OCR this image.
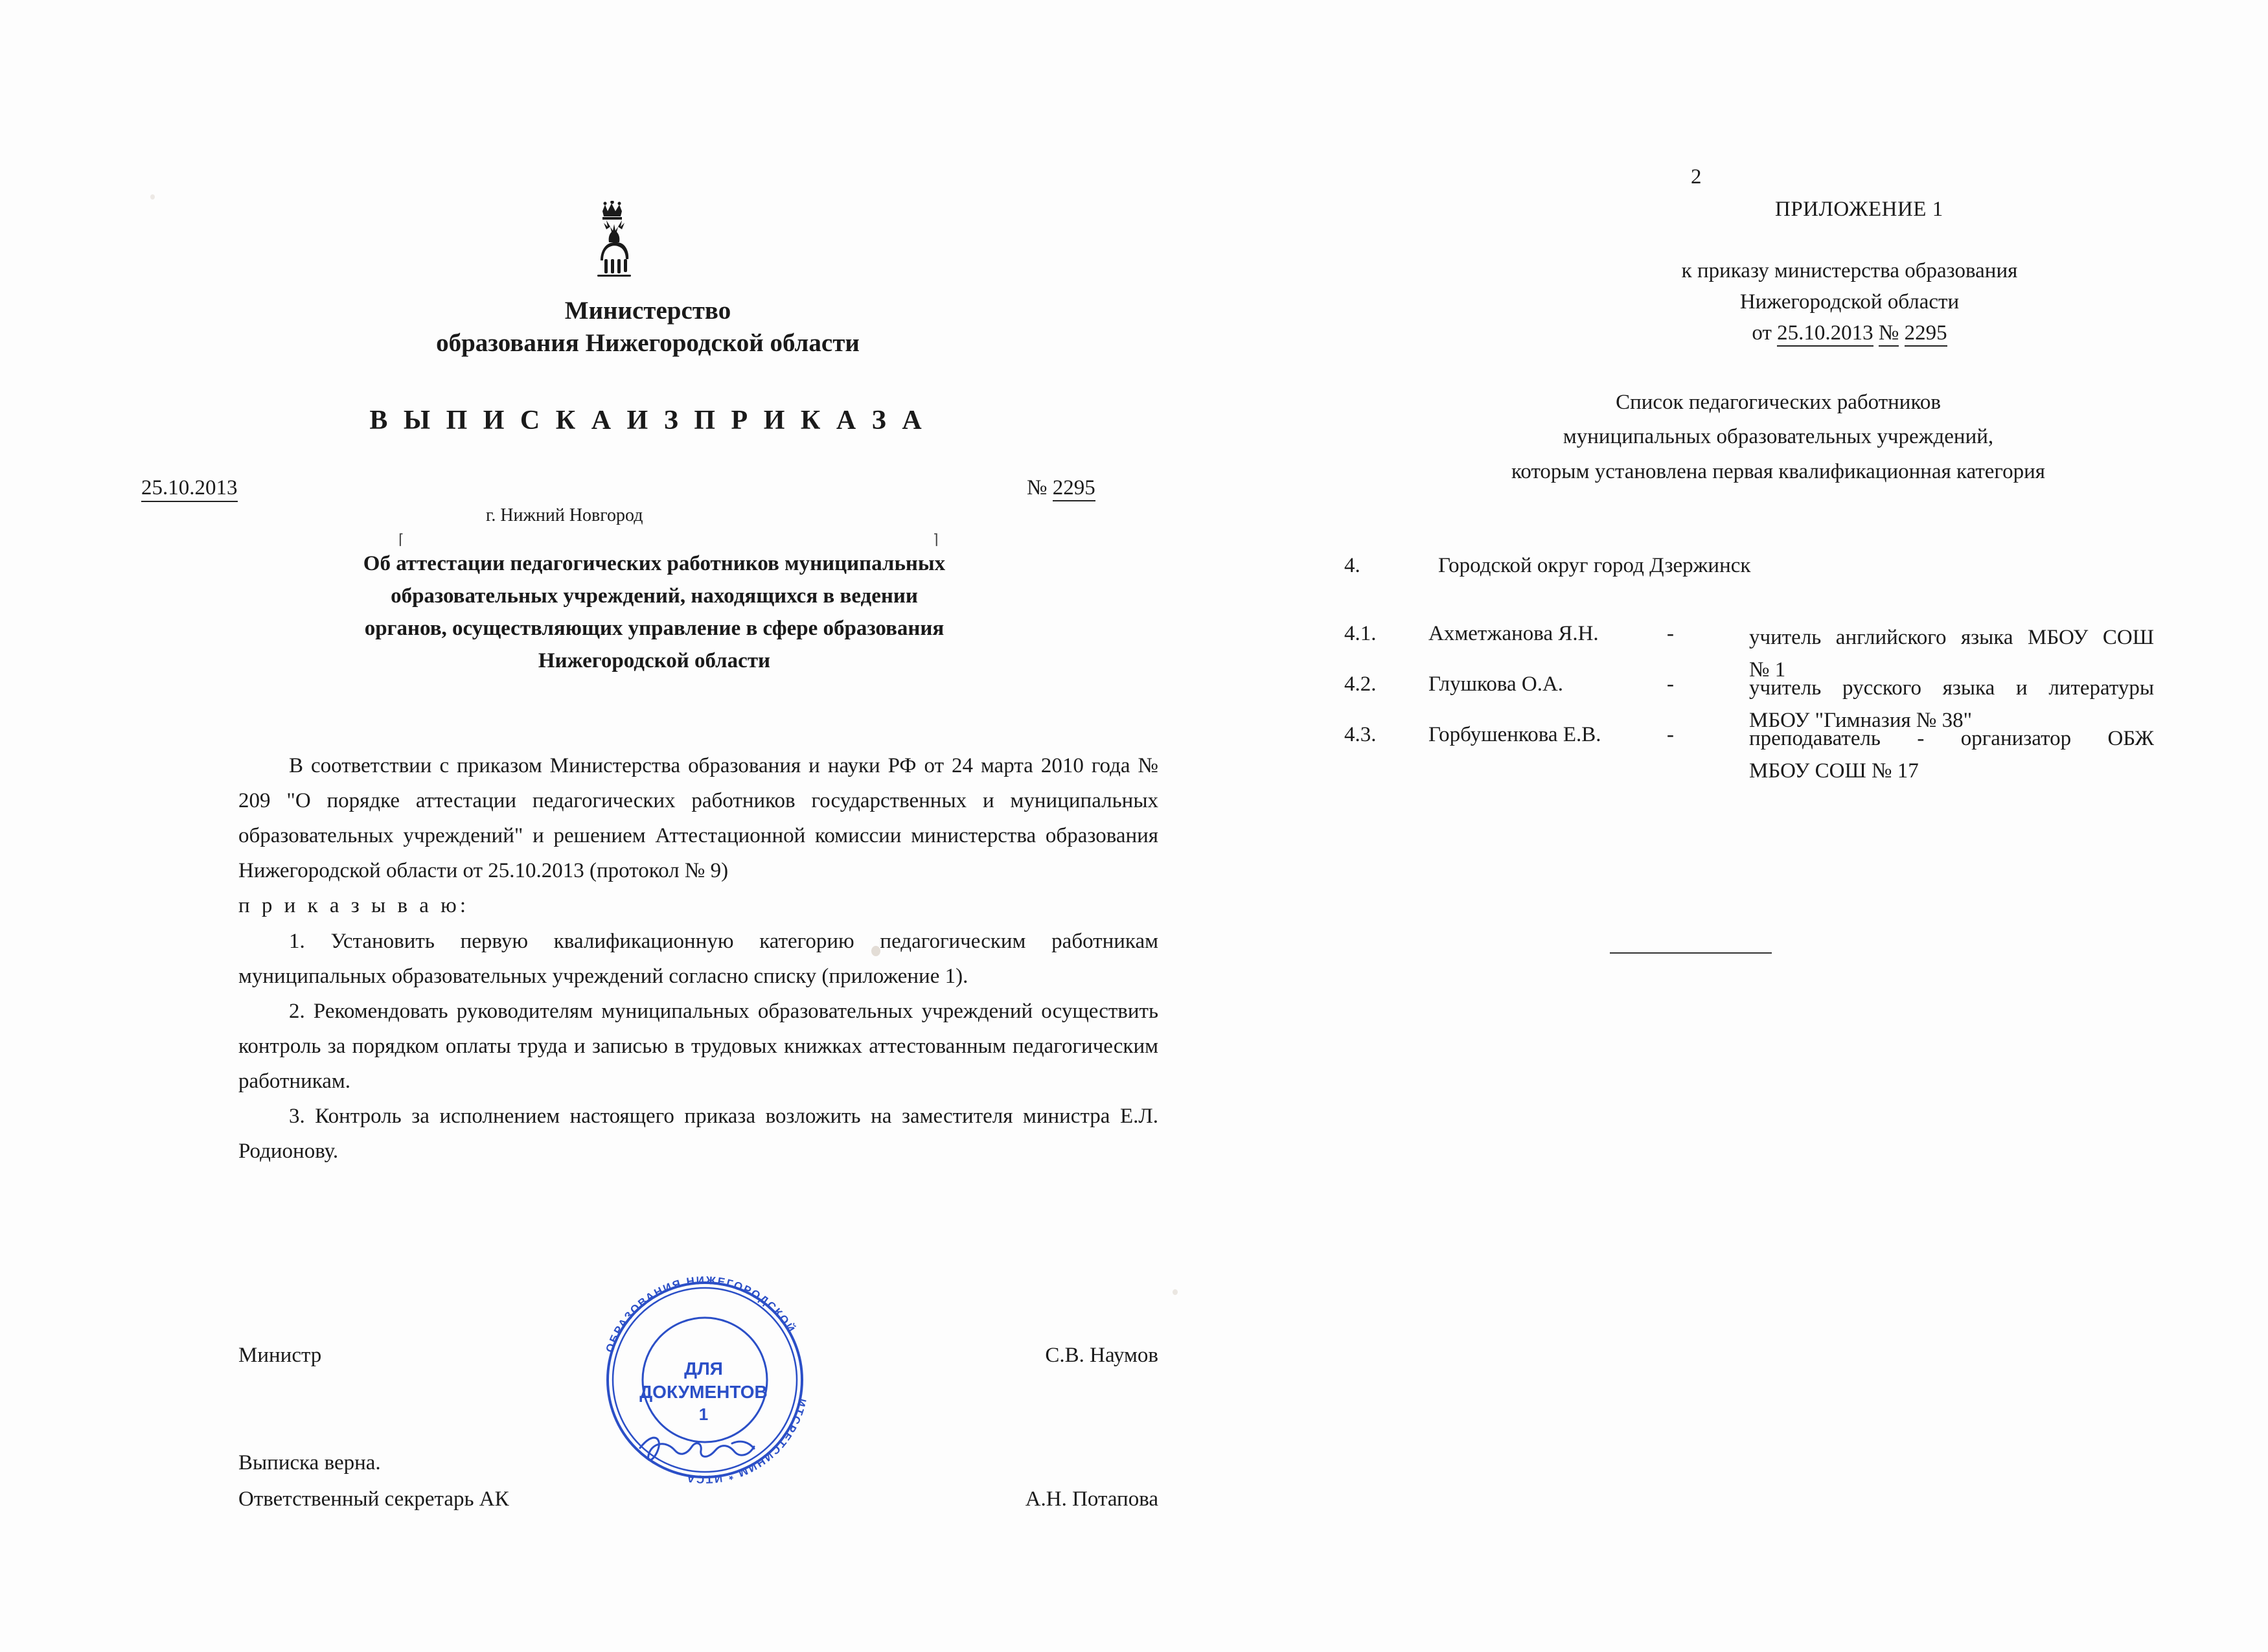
Министерство
образования Нижегородской области
В Ы П И С К А И З П Р И К А З А
25.10.2013	№ 2295
г. Нижний Новгород
⌈	⌉
Об аттестации педагогических работников муниципальных образовательных учреждений, находящихся в ведении органов, осуществляющих управление в сфере образования Нижегородской области

В соответствии с приказом Министерства образования и науки РФ от 24 марта 2010 года № 209 "О порядке аттестации педагогических работников государственных и муниципальных образовательных учреждений" и решением Аттестационной комиссии министерства образования Нижегородской области от 25.10.2013 (протокол № 9)

п р и к а з ы в а ю:

1. Установить первую квалификационную категорию педагогическим работникам муниципальных образовательных учреждений согласно списку (приложение 1).

2. Рекомендовать руководителям муниципальных образовательных учреждений осуществить контроль за порядком оплаты труда и записью в трудовых книжках аттестованным педагогическим работникам.

3. Контроль за исполнением настоящего приказа возложить на заместителя министра Е.Л. Родионову.

Министр	С.В. Наумов
Выписка верна.
Ответственный секретарь АК	А.Н. Потапова
ОБРАЗОВАНИЯ НИЖЕГОРОДСКОЙ
ИТСРЕТСИНИМ * ИТСА
ДЛЯ
ДОКУМЕНТОВ
1
2
ПРИЛОЖЕНИЕ 1
к приказу министерства образования
Нижегородской области
от 25.10.2013 № 2295
Список педагогических работников
муниципальных образовательных учреждений,
которым установлена первая квалификационная категория
4.	Городской округ город Дзержинск
4.1.	Ахметжанова Я.Н.	-	учитель английского языка МБОУ СОШ
№ 1
4.2.	Глушкова О.А.	-	учитель русского языка и литературы
МБОУ "Гимназия № 38"
4.3.	Горбушенкова Е.В.	-	преподаватель - организатор ОБЖ
МБОУ СОШ № 17
